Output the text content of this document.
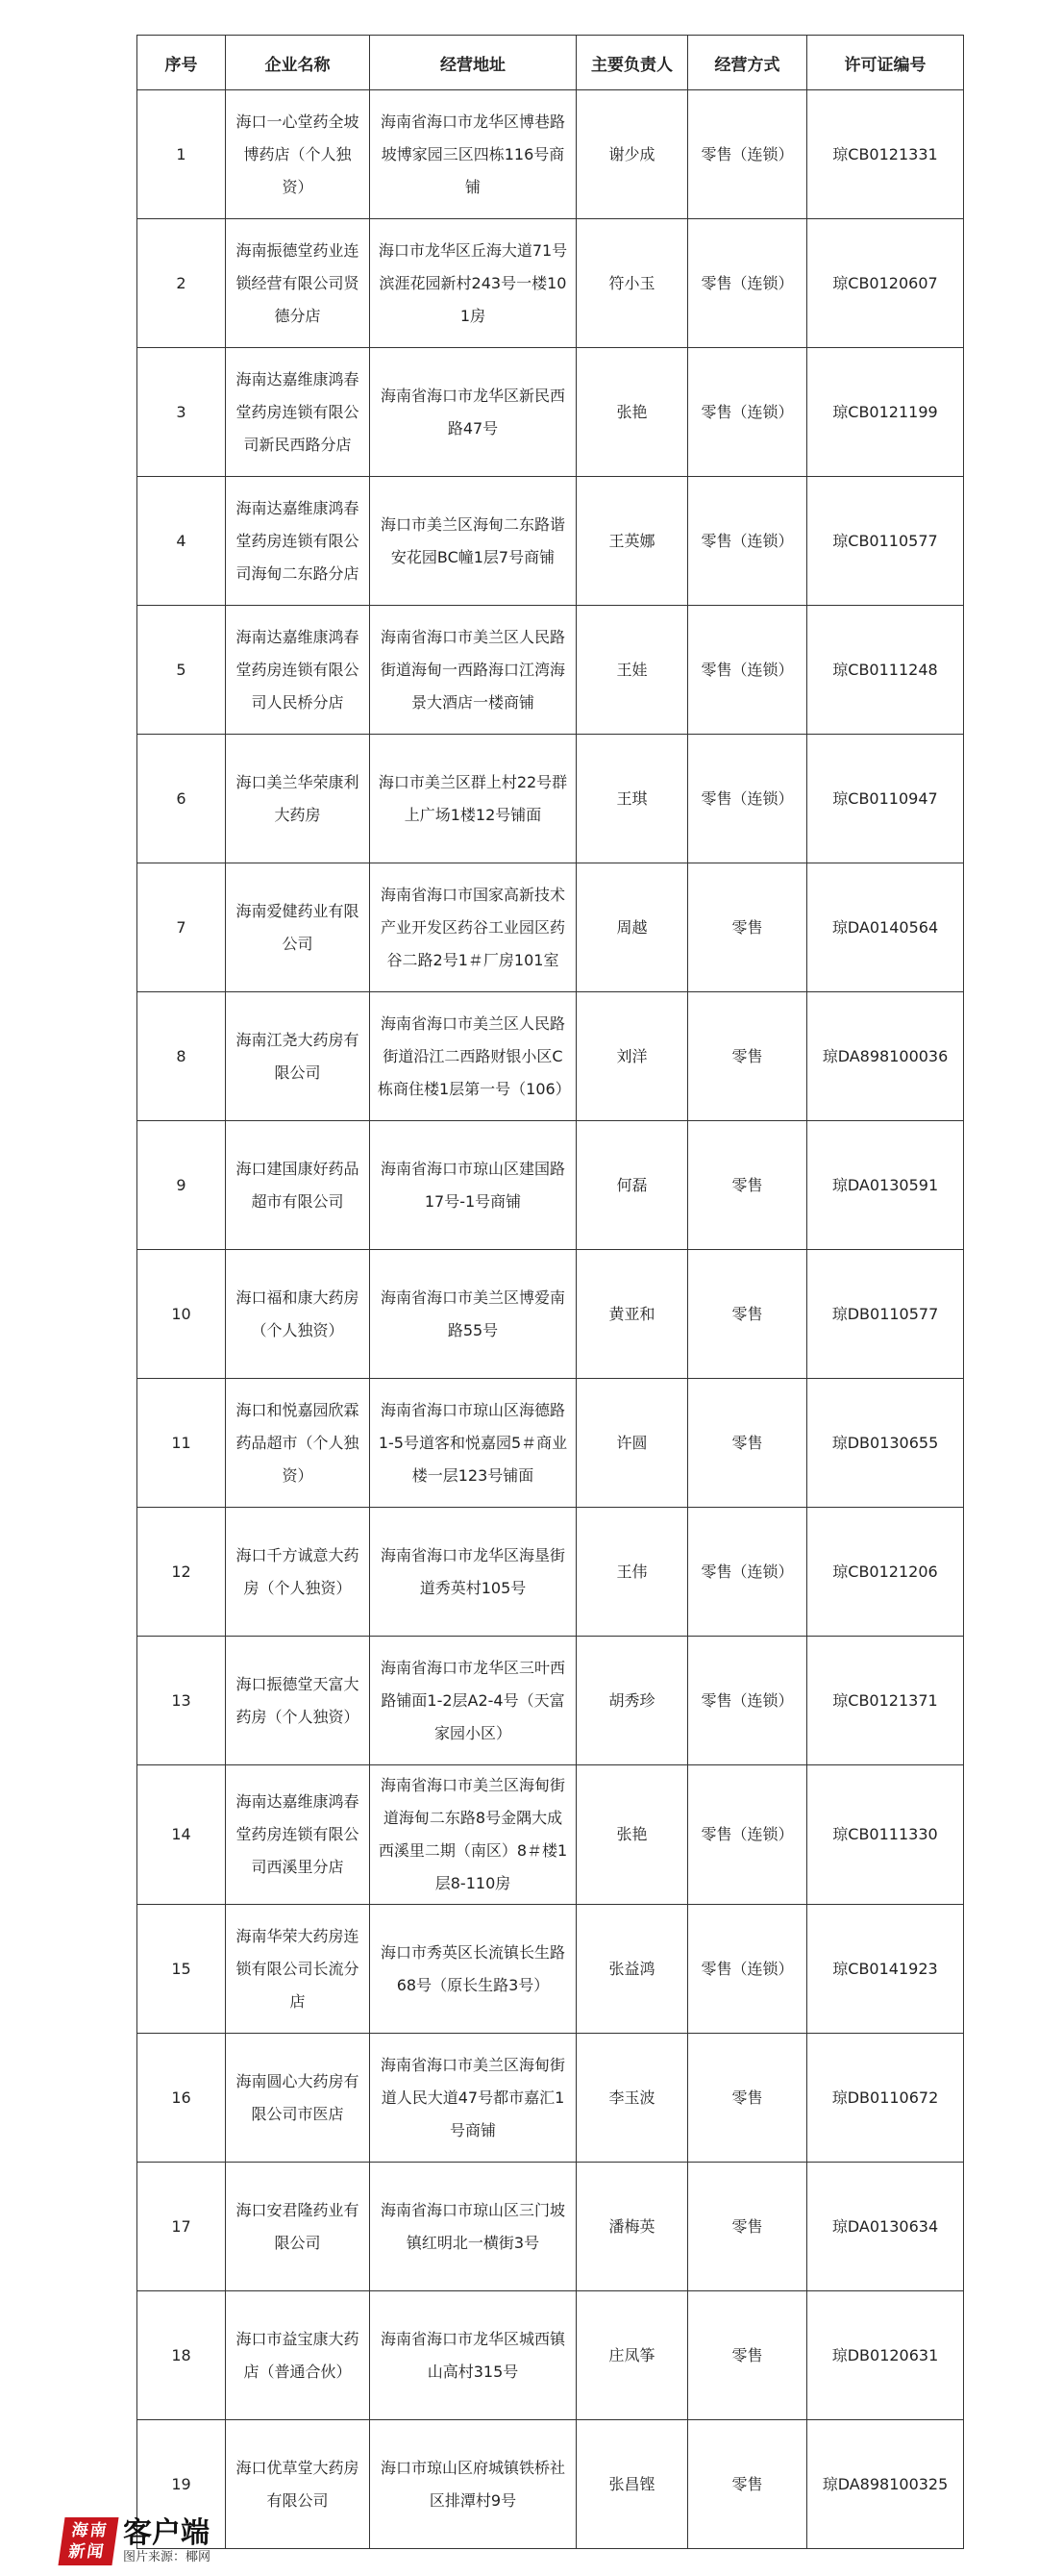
序号	企业名称	经营地址	主要负责人	经营方式	许可证编号
1	海口一心堂药全坡博药店（个人独资）	海南省海口市龙华区博巷路坡博家园三区四栋116号商铺	谢少成	零售（连锁）	琼CB0121331
2	海南振德堂药业连锁经营有限公司贤德分店	海口市龙华区丘海大道71号滨涯花园新村243号一楼101房	符小玉	零售（连锁）	琼CB0120607
3	海南达嘉维康鸿春堂药房连锁有限公司新民西路分店	海南省海口市龙华区新民西路47号	张艳	零售（连锁）	琼CB0121199
4	海南达嘉维康鸿春堂药房连锁有限公司海甸二东路分店	海口市美兰区海甸二东路谐安花园BC幢1层7号商铺	王英娜	零售（连锁）	琼CB0110577
5	海南达嘉维康鸿春堂药房连锁有限公司人民桥分店	海南省海口市美兰区人民路街道海甸一西路海口江湾海景大酒店一楼商铺	王娃	零售（连锁）	琼CB0111248
6	海口美兰华荣康利大药房	海口市美兰区群上村22号群上广场1楼12号铺面	王琪	零售（连锁）	琼CB0110947
7	海南爱健药业有限公司	海南省海口市国家高新技术产业开发区药谷工业园区药谷二路2号1＃厂房101室	周越	零售	琼DA0140564
8	海南江尧大药房有限公司	海南省海口市美兰区人民路街道沿江二西路财银小区C栋商住楼1层第一号（106）	刘洋	零售	琼DA898100036
9	海口建国康好药品超市有限公司	海南省海口市琼山区建国路17号-1号商铺	何磊	零售	琼DA0130591
10	海口福和康大药房（个人独资）	海南省海口市美兰区博爱南路55号	黄亚和	零售	琼DB0110577
11	海口和悦嘉园欣霖药品超市（个人独资）	海南省海口市琼山区海德路1-5号道客和悦嘉园5＃商业楼一层123号铺面	许圆	零售	琼DB0130655
12	海口千方诚意大药房（个人独资）	海南省海口市龙华区海垦街道秀英村105号	王伟	零售（连锁）	琼CB0121206
13	海口振德堂天富大药房（个人独资）	海南省海口市龙华区三叶西路铺面1-2层A2-4号（天富家园小区）	胡秀珍	零售（连锁）	琼CB0121371
14	海南达嘉维康鸿春堂药房连锁有限公司西溪里分店	海南省海口市美兰区海甸街道海甸二东路8号金隅大成西溪里二期（南区）8＃楼1层8-110房	张艳	零售（连锁）	琼CB0111330
15	海南华荣大药房连锁有限公司长流分店	海口市秀英区长流镇长生路68号（原长生路3号）	张益鸿	零售（连锁）	琼CB0141923
16	海南圆心大药房有限公司市医店	海南省海口市美兰区海甸街道人民大道47号都市嘉汇1号商铺	李玉波	零售	琼DB0110672
17	海口安君隆药业有限公司	海南省海口市琼山区三门坡镇红明北一横街3号	潘梅英	零售	琼DA0130634
18	海口市益宝康大药店（普通合伙）	海南省海口市龙华区城西镇山高村315号	庄凤筝	零售	琼DB0120631
19	海口优草堂大药房有限公司	海口市琼山区府城镇铁桥社区排潭村9号	张昌铿	零售	琼DA898100325
海南
新闻
客户端
图片来源：椰网
